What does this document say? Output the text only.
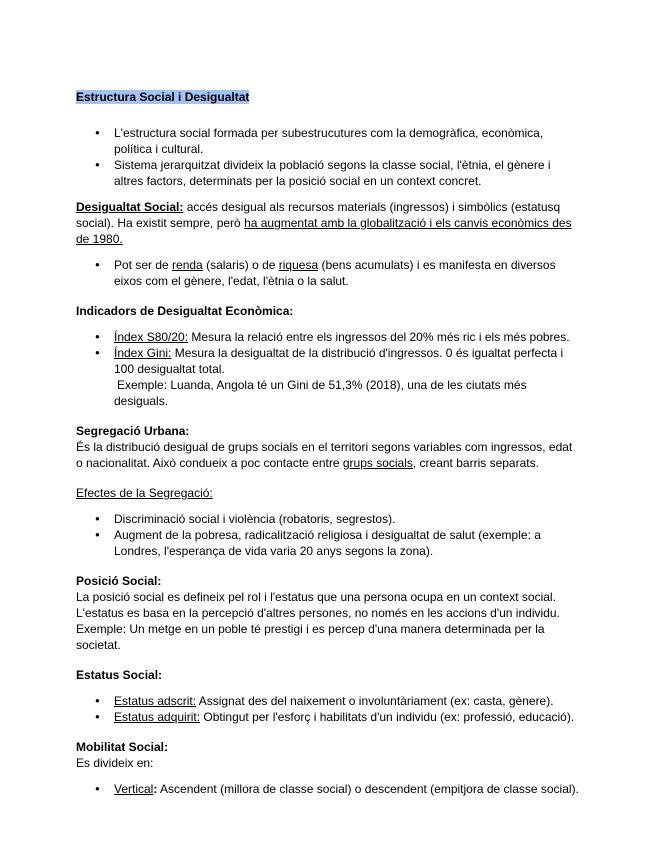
Estructura Social i Desigualtat

● L'estructura social formada per subestrucutures com la demogràfica, econòmica, política i cultural.
● Sistema jerarquitzat divideix la població segons la classe social, l'ètnia, el gènere i altres factors, determinats per la posició social en un context concret.

Desigualtat Social: accés desigual als recursos materials (ingressos) i simbòlics (estatusq social). Ha existit sempre, però ha augmentat amb la globalització i els canvis econòmics des de 1980.

● Pot ser de renda (salaris) o de riquesa (bens acumulats) i es manifesta en diversos eixos com el gènere, l'edat, l'ètnia o la salut.

Indicadors de Desigualtat Econòmica:

● Índex S80/20: Mesura la relació entre els ingressos del 20% més ric i els més pobres.
● Índex Gini: Mesura la desigualtat de la distribució d'ingressos. 0 és igualtat perfecta i 100 desigualtat total.
Exemple: Luanda, Angola té un Gini de 51,3% (2018), una de les ciutats més desiguals.

Segregació Urbana:

És la distribució desigual de grups socials en el territori segons variables com ingressos, edat o nacionalitat. Això condueix a poc contacte entre grups socials, creant barris separats.

Efectes de la Segregació:

● Discriminació social i violència (robatoris, segrestos).
● Augment de la pobresa, radicalització religiosa i desigualtat de salut (exemple: a Londres, l'esperança de vida varia 20 anys segons la zona).

Posició Social:

La posició social es defineix pel rol i l'estatus que una persona ocupa en un context social.

L'estatus es basa en la percepció d'altres persones, no només en les accions d'un individu.

Exemple: Un metge en un poble té prestigi i es percep d'una manera determinada per la societat.

Estatus Social:

● Estatus adscrit: Assignat des del naixement o involuntàriament (ex: casta, gènere).
● Estatus adquirit: Obtingut per l'esforç i habilitats d'un individu (ex: professió, educació).

Mobilitat Social:

Es divideix en:

● Vertical: Ascendent (millora de classe social) o descendent (empitjora de classe social).
